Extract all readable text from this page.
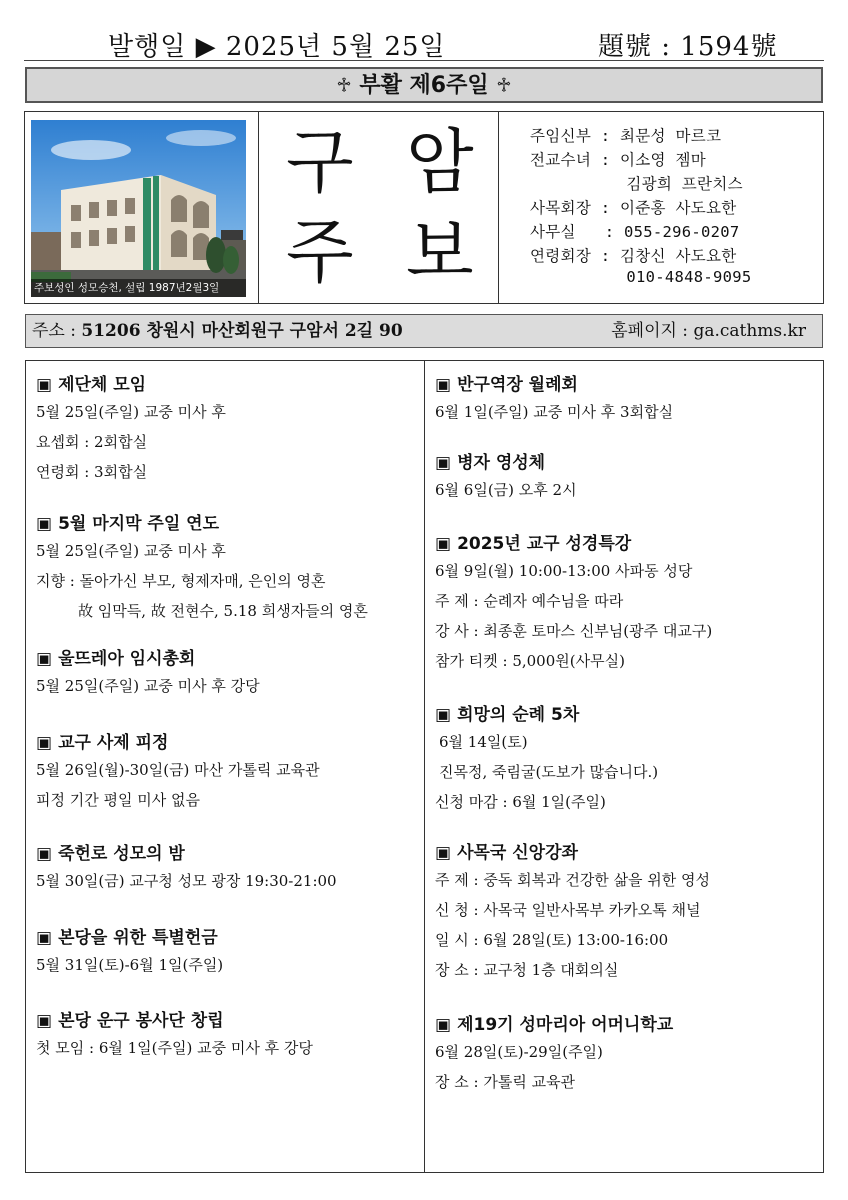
발행일 ▶ 2025년 5월 25일	題號 : 1594號
♱ 부활 제6주일 ♱
주보성인 성모승천, 설립 1987년2월3일
구 암
주 보
주임신부 : 최문성 마르코
전교수녀 : 이소영 젬마
김광희 프란치스
사목회장 : 이준홍 사도요한
사무실   : 055-296-0207
연령회장 : 김창신 사도요한
010-4848-9095
주소 : 51206 창원시 마산회원구 구암서 2길 90	홈페이지 : ga.cathms.kr
▣ 제단체 모임
5월 25일(주일) 교중 미사 후
요셉회 : 2회합실
연령회 : 3회합실
▣ 5월 마지막 주일 연도
5월 25일(주일) 교중 미사 후
지향 : 돌아가신 부모, 형제자매, 은인의 영혼
故 임막득, 故 전현수, 5.18 희생자들의 영혼
▣ 울뜨레아 임시총회
5월 25일(주일) 교중 미사 후 강당
▣ 교구 사제 피정
5월 26일(월)-30일(금) 마산 가톨릭 교육관
피정 기간 평일 미사 없음
▣ 죽헌로 성모의 밤
5월 30일(금) 교구청 성모 광장 19:30-21:00
▣ 본당을 위한 특별헌금
5월 31일(토)-6월 1일(주일)
▣ 본당 운구 봉사단 창립
첫 모임 : 6월 1일(주일) 교중 미사 후 강당
▣ 반구역장 월례회
6월 1일(주일) 교중 미사 후 3회합실
▣ 병자 영성체
6월 6일(금) 오후 2시
▣ 2025년 교구 성경특강
6월 9일(월) 10:00-13:00 사파동 성당
주 제 : 순례자 예수님을 따라
강 사 : 최종훈 토마스 신부님(광주 대교구)
참가 티켓 : 5,000원(사무실)
▣ 희망의 순례 5차
6월 14일(토)
진목정, 죽림굴(도보가 많습니다.)
신청 마감 : 6월 1일(주일)
▣ 사목국 신앙강좌
주 제 : 중독 회복과 건강한 삶을 위한 영성
신 청 : 사목국 일반사목부 카카오톡 채널
일 시 : 6월 28일(토) 13:00-16:00
장 소 : 교구청 1층 대회의실
▣ 제19기 성마리아 어머니학교
6월 28일(토)-29일(주일)
장 소 : 가톨릭 교육관
